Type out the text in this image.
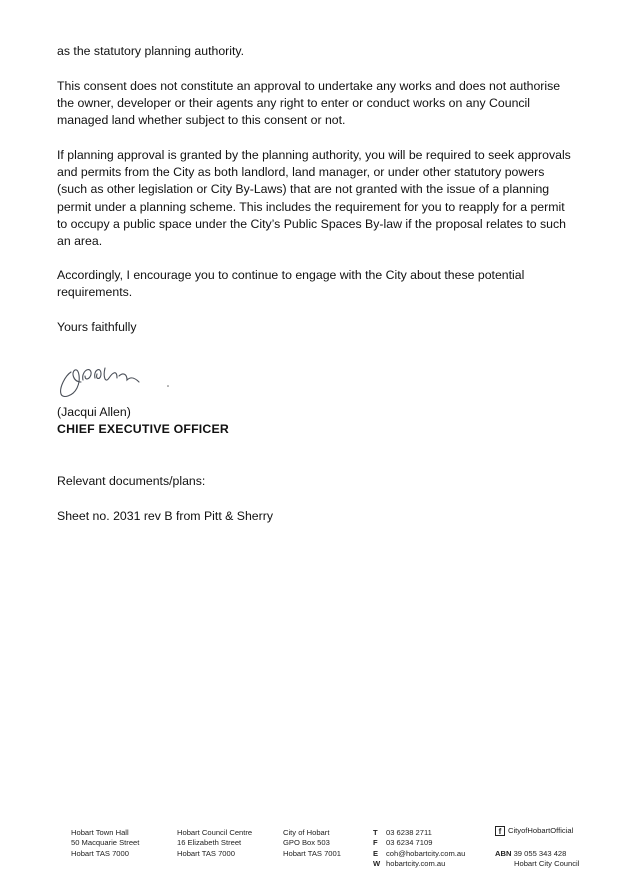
as the statutory planning authority.

This consent does not constitute an approval to undertake any works and does not authorise the owner, developer or their agents any right to enter or conduct works on any Council managed land whether subject to this consent or not.

If planning approval is granted by the planning authority, you will be required to seek approvals and permits from the City as both landlord, land manager, or under other statutory powers (such as other legislation or City By-Laws) that are not granted with the issue of a planning permit under a planning scheme. This includes the requirement for you to reapply for a permit to occupy a public space under the City’s Public Spaces By-law if the proposal relates to such an area.

Accordingly, I encourage you to continue to engage with the City about these potential requirements.

Yours faithfully

(Jacqui Allen)

CHIEF EXECUTIVE OFFICER

Relevant documents/plans:

Sheet no. 2031 rev B from Pitt & Sherry

Hobart Town Hall
50 Macquarie Street
Hobart TAS 7000
Hobart Council Centre
16 Elizabeth Street
Hobart TAS 7000
City of Hobart
GPO Box 503
Hobart TAS 7001
T 03 6238 2711
F 03 6234 7109
E coh@hobartcity.com.au
W hobartcity.com.au
f CityofHobartOfficial
ABN 39 055 343 428
Hobart City Council
